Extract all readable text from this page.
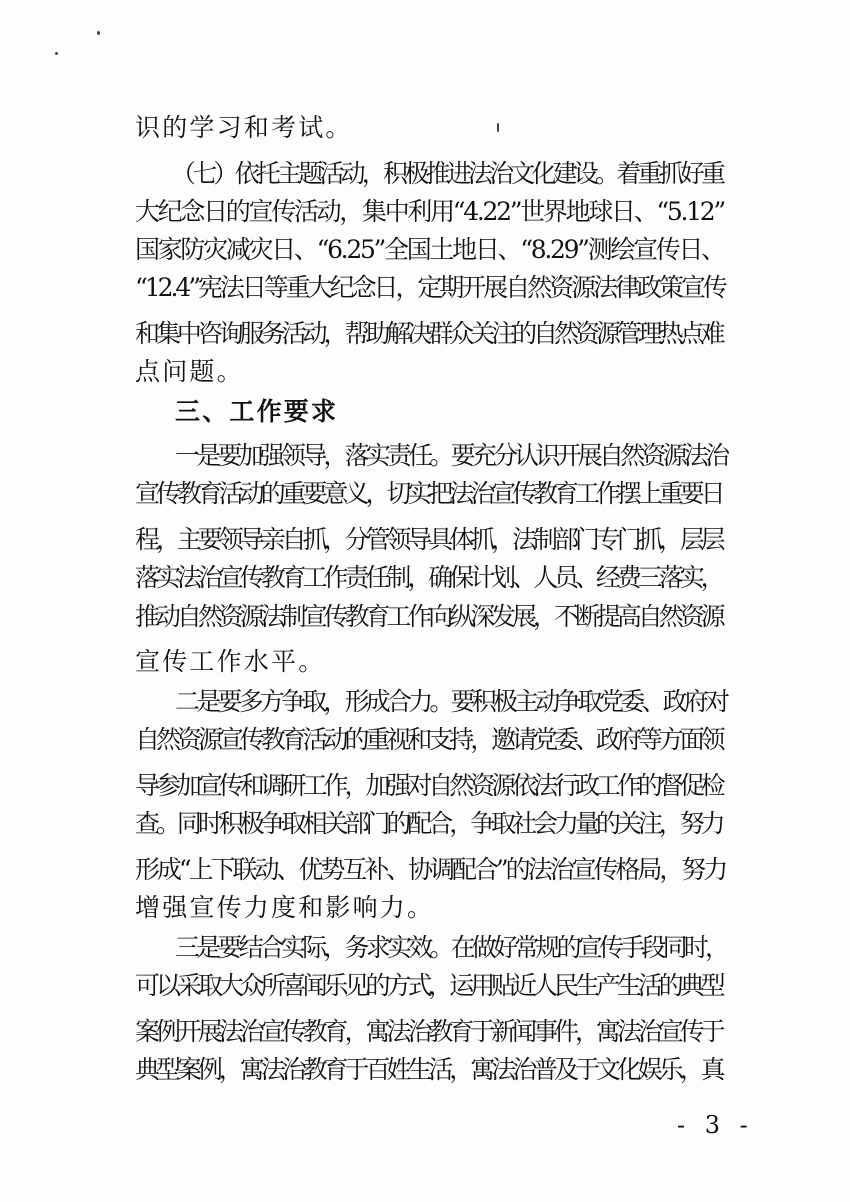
识的学习和考试。
（七）依托主题活动，积极推进法治文化建设。着重抓好重
大纪念日的宣传活动，集中利用“4.22”世界地球日、“5.12”
国家防灾减灾日、“6.25”全国土地日、“8.29”测绘宣传日、
“12.4”宪法日等重大纪念日，定期开展自然资源法律政策宣传
和集中咨询服务活动，帮助解决群众关注的自然资源管理热点难
点问题。
三、工作要求
一是要加强领导，落实责任。要充分认识开展自然资源法治
宣传教育活动的重要意义，切实把法治宣传教育工作摆上重要日
程，主要领导亲自抓，分管领导具体抓，法制部门专门抓，层层
落实法治宣传教育工作责任制，确保计划、人员、经费三落实，
推动自然资源法制宣传教育工作向纵深发展，不断提高自然资源
宣传工作水平。
二是要多方争取，形成合力。要积极主动争取党委、政府对
自然资源宣传教育活动的重视和支持，邀请党委、政府等方面领
导参加宣传和调研工作，加强对自然资源依法行政工作的督促检
查。同时积极争取相关部门的配合，争取社会力量的关注，努力
形成“上下联动、优势互补、协调配合”的法治宣传格局，努力
增强宣传力度和影响力。
三是要结合实际，务求实效。在做好常规的宣传手段同时，
可以采取大众所喜闻乐见的方式，运用贴近人民生产生活的典型
案例开展法治宣传教育，寓法治教育于新闻事件，寓法治宣传于
典型案例，寓法治教育于百姓生活，寓法治普及于文化娱乐，真
- 3 -
